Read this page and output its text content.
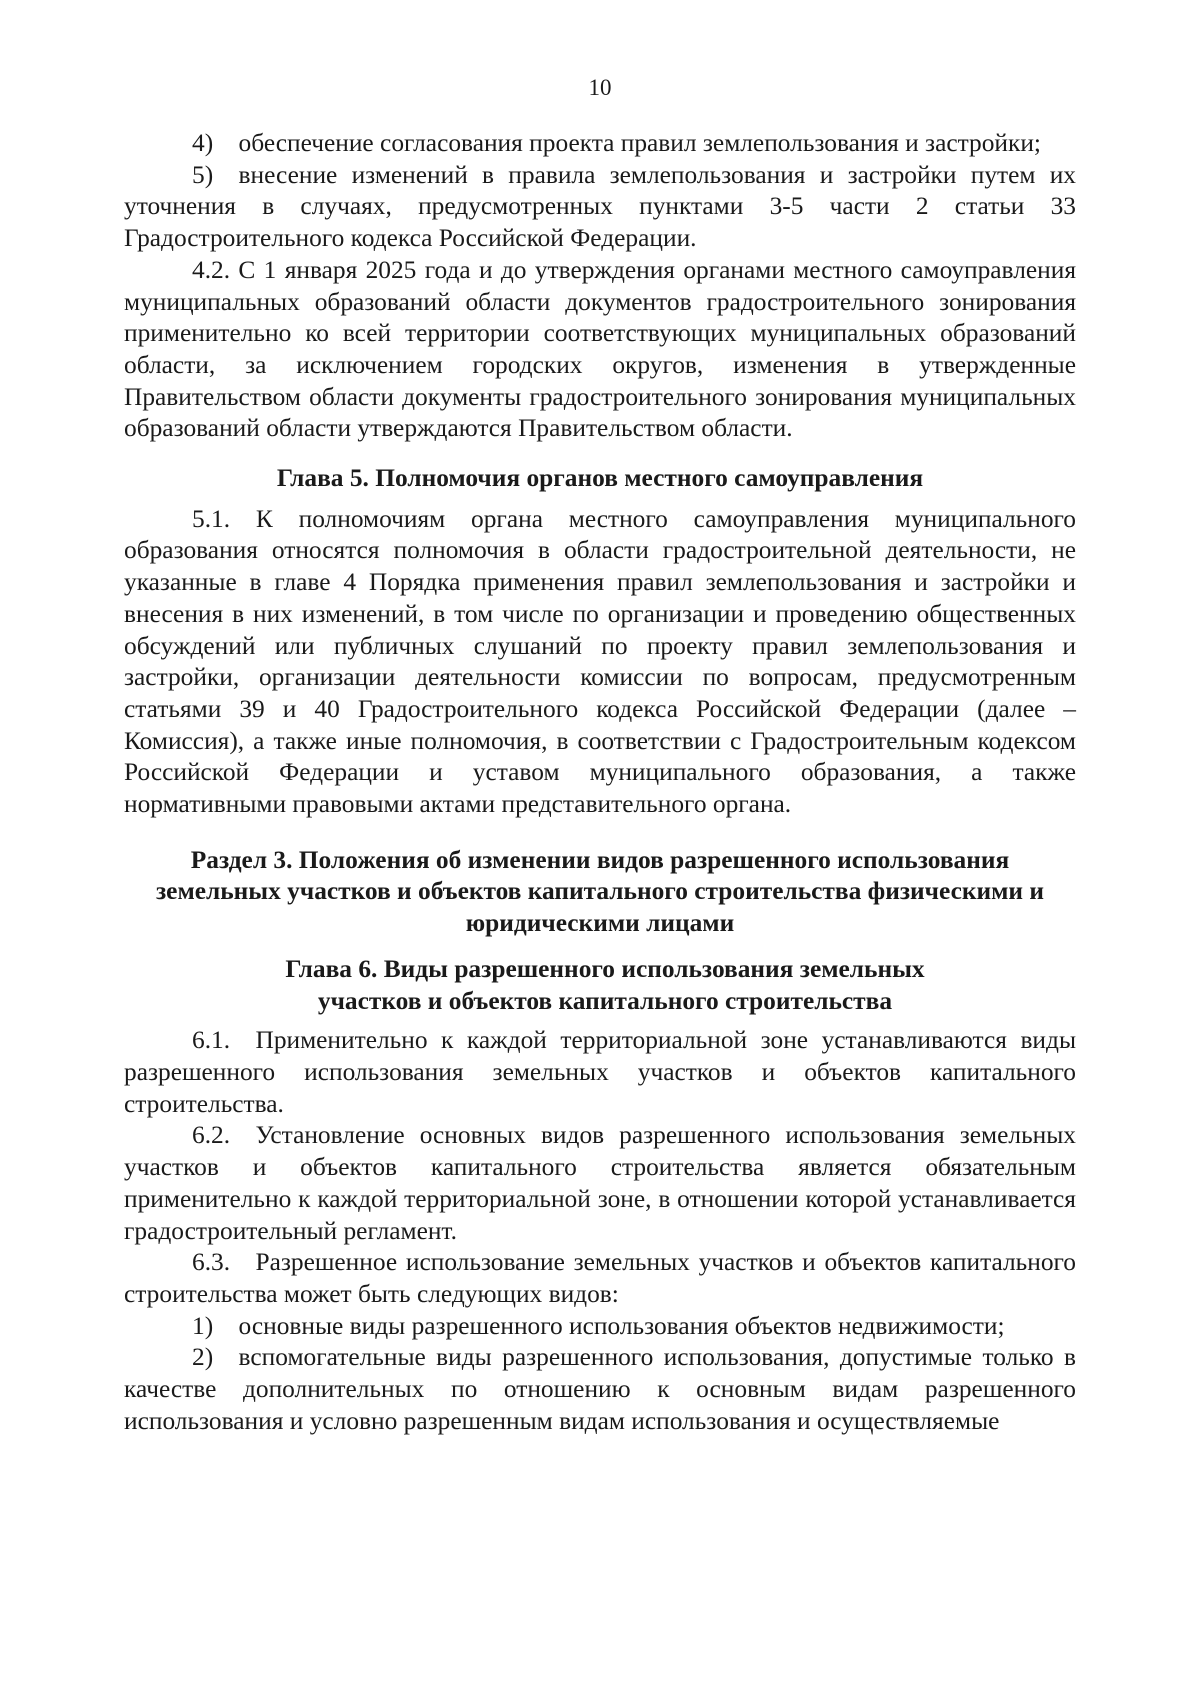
10

4) обеспечение согласования проекта правил землепользования и застройки;

5) внесение изменений в правила землепользования и застройки путем их уточнения в случаях, предусмотренных пунктами 3-5 части 2 статьи 33 Градостроительного кодекса Российской Федерации.

4.2. С 1 января 2025 года и до утверждения органами местного самоуправления муниципальных образований области документов градостроительного зонирования применительно ко всей территории соответствующих муниципальных образований области, за исключением городских округов, изменения в утвержденные Правительством области документы градостроительного зонирования муниципальных образований области утверждаются Правительством области.

Глава 5. Полномочия органов местного самоуправления

5.1. К полномочиям органа местного самоуправления муниципального образования относятся полномочия в области градостроительной деятельности, не указанные в главе 4 Порядка применения правил землепользования и застройки и внесения в них изменений, в том числе по организации и проведению общественных обсуждений или публичных слушаний по проекту правил землепользования и застройки, организации деятельности комиссии по вопросам, предусмотренным статьями 39 и 40 Градостроительного кодекса Российской Федерации (далее – Комиссия), а также иные полномочия, в соответствии с Градостроительным кодексом Российской Федерации и уставом муниципального образования, а также нормативными правовыми актами представительного органа.

Раздел 3. Положения об изменении видов разрешенного использования земельных участков и объектов капитального строительства физическими и юридическими лицами
Глава 6. Виды разрешенного использования земельных участков и объектов капитального строительства

6.1. Применительно к каждой территориальной зоне устанавливаются виды разрешенного использования земельных участков и объектов капитального строительства.

6.2. Установление основных видов разрешенного использования земельных участков и объектов капитального строительства является обязательным применительно к каждой территориальной зоне, в отношении которой устанавливается градостроительный регламент.

6.3. Разрешенное использование земельных участков и объектов капитального строительства может быть следующих видов:

1) основные виды разрешенного использования объектов недвижимости;

2) вспомогательные виды разрешенного использования, допустимые только в качестве дополнительных по отношению к основным видам разрешенного использования и условно разрешенным видам использования и осуществляемые
